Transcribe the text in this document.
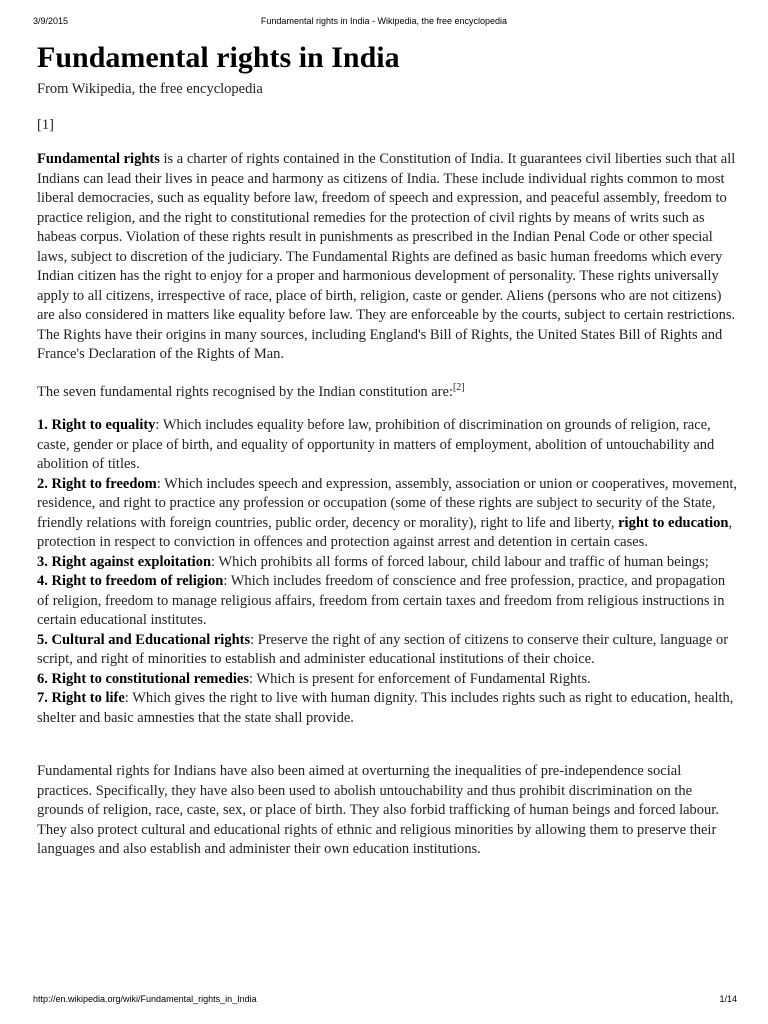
3/9/2015	Fundamental rights in India - Wikipedia, the free encyclopedia
Fundamental rights in India
From Wikipedia, the free encyclopedia
[1]

Fundamental rights is a charter of rights contained in the Constitution of India. It guarantees civil liberties such that all Indians can lead their lives in peace and harmony as citizens of India. These include individual rights common to most liberal democracies, such as equality before law, freedom of speech and expression, and peaceful assembly, freedom to practice religion, and the right to constitutional remedies for the protection of civil rights by means of writs such as habeas corpus. Violation of these rights result in punishments as prescribed in the Indian Penal Code or other special laws, subject to discretion of the judiciary. The Fundamental Rights are defined as basic human freedoms which every Indian citizen has the right to enjoy for a proper and harmonious development of personality. These rights universally apply to all citizens, irrespective of race, place of birth, religion, caste or gender. Aliens (persons who are not citizens) are also considered in matters like equality before law. They are enforceable by the courts, subject to certain restrictions. The Rights have their origins in many sources, including England's Bill of Rights, the United States Bill of Rights and France's Declaration of the Rights of Man.

The seven fundamental rights recognised by the Indian constitution are:[2]

1. Right to equality: Which includes equality before law, prohibition of discrimination on grounds of religion, race, caste, gender or place of birth, and equality of opportunity in matters of employment, abolition of untouchability and abolition of titles.

2. Right to freedom: Which includes speech and expression, assembly, association or union or cooperatives, movement, residence, and right to practice any profession or occupation (some of these rights are subject to security of the State, friendly relations with foreign countries, public order, decency or morality), right to life and liberty, right to education, protection in respect to conviction in offences and protection against arrest and detention in certain cases.

3. Right against exploitation: Which prohibits all forms of forced labour, child labour and traffic of human beings;

4. Right to freedom of religion: Which includes freedom of conscience and free profession, practice, and propagation of religion, freedom to manage religious affairs, freedom from certain taxes and freedom from religious instructions in certain educational institutes.

5. Cultural and Educational rights: Preserve the right of any section of citizens to conserve their culture, language or script, and right of minorities to establish and administer educational institutions of their choice.

6. Right to constitutional remedies: Which is present for enforcement of Fundamental Rights.

7. Right to life: Which gives the right to live with human dignity. This includes rights such as right to education, health, shelter and basic amnesties that the state shall provide.

Fundamental rights for Indians have also been aimed at overturning the inequalities of pre-independence social practices. Specifically, they have also been used to abolish untouchability and thus prohibit discrimination on the grounds of religion, race, caste, sex, or place of birth. They also forbid trafficking of human beings and forced labour. They also protect cultural and educational rights of ethnic and religious minorities by allowing them to preserve their languages and also establish and administer their own education institutions.

http://en.wikipedia.org/wiki/Fundamental_rights_in_India	1/14
